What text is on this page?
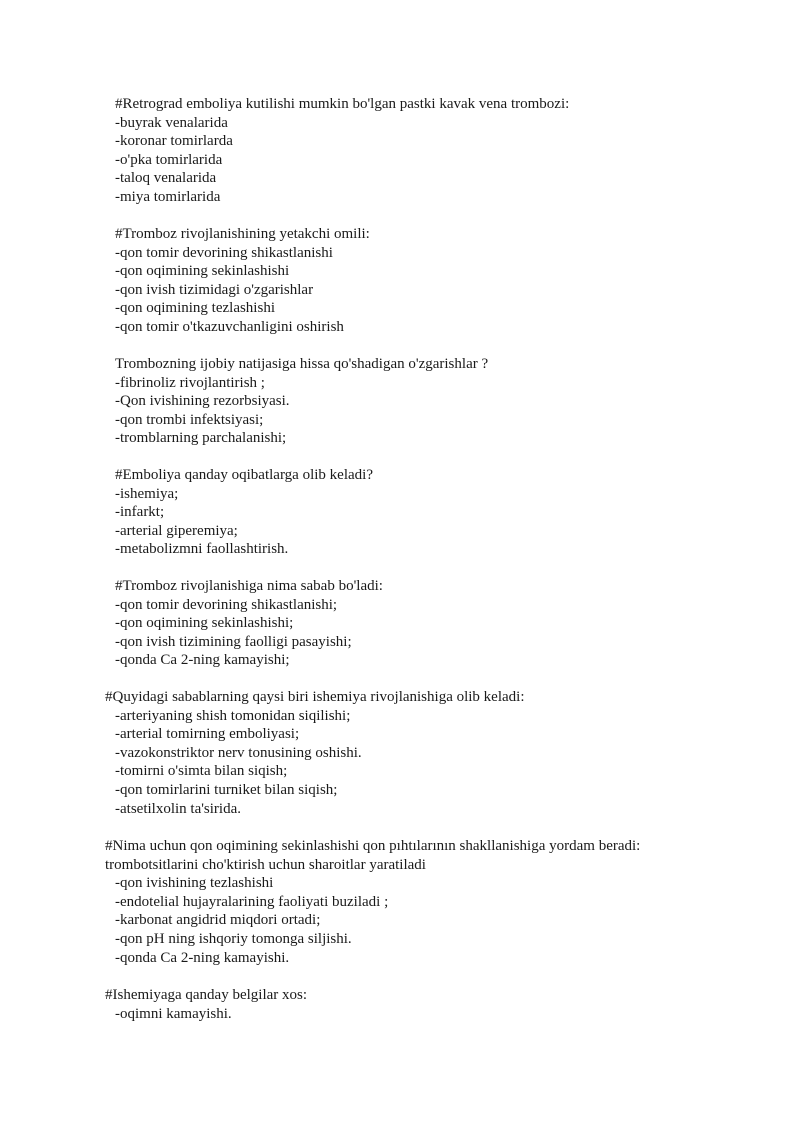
#Retrograd emboliya kutilishi mumkin bo'lgan pastki kavak vena trombozi:
-buyrak venalarida
-koronar tomirlarda
-o'pka tomirlarida
-taloq venalarida
-miya tomirlarida
#Tromboz rivojlanishining yetakchi omili:
-qon tomir devorining shikastlanishi
-qon oqimining sekinlashishi
-qon ivish tizimidagi o'zgarishlar
-qon oqimining tezlashishi
-qon tomir o'tkazuvchanligini oshirish
Trombozning ijobiy natijasiga hissa qo'shadigan o'zgarishlar ?
-fibrinoliz rivojlantirish ;
-Qon ivishining rezorbsiyasi.
-qon trombi infektsiyasi;
-tromblarning parchalanishi;
#Emboliya qanday oqibatlarga olib keladi?
-ishemiya;
-infarkt;
-arterial giperemiya;
-metabolizmni faollashtirish.
#Tromboz rivojlanishiga nima sabab bo'ladi:
-qon tomir devorining shikastlanishi;
-qon oqimining sekinlashishi;
-qon ivish tizimining faolligi pasayishi;
-qonda Ca 2-ning kamayishi;
#Quyidagi sabablarning qaysi biri ishemiya rivojlanishiga olib keladi:
-arteriyaning shish tomonidan siqilishi;
-arterial tomirning emboliyasi;
-vazokonstriktor nerv tonusining oshishi.
-tomirni o'simta bilan siqish;
-qon tomirlarini turniket bilan siqish;
-atsetilxolin ta'sirida.
#Nima uchun qon oqimining sekinlashishi qon pıhtılarının shakllanishiga yordam beradi:
trombotsitlarini cho'ktirish uchun sharoitlar yaratiladi
-qon ivishining tezlashishi
-endotelial hujayralarining faoliyati buziladi ;
-karbonat angidrid miqdori ortadi;
-qon pH ning ishqoriy tomonga siljishi.
-qonda Ca 2-ning kamayishi.
#Ishemiyaga qanday belgilar xos:
-oqimni kamayishi.
